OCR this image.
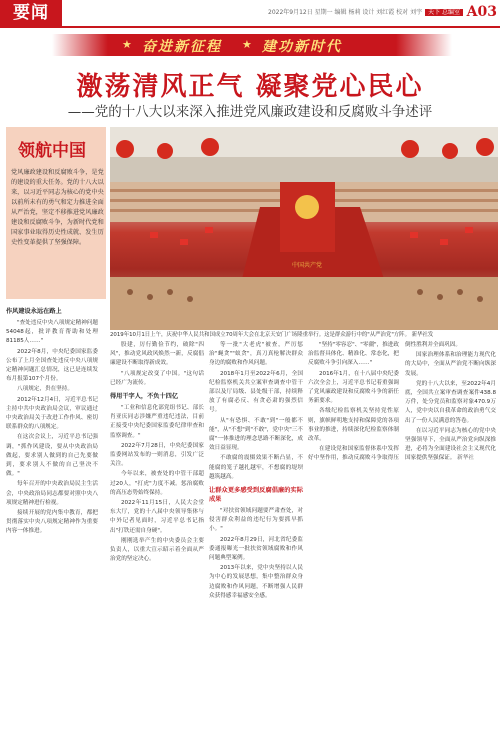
要闻	2022年9月12日 星期一 编辑 杨莉 设计 刘红霞 校对 刘宇 天下 总编室 A03
★ 奋进新征程 ★ 建功新时代
激荡清风正气 凝聚党心民心
——党的十八大以来深入推进党风廉政建设和反腐败斗争述评
领航中国
党风廉政建设和反腐败斗争，是党的建设的重大任务。党的十八大以来，以习近平同志为核心的党中央以前所未有的勇气和定力推进全面从严治党，坚定不移推进党风廉政建设和反腐败斗争，为新时代党和国家事业取得历史性成就、发生历史性变革提供了坚强保障。
中国共产党
2019年10月1日上午，庆祝中华人民共和国成立70周年大会在北京天安门广场隆重举行。这是群众游行中的"从严治党"方阵。 新华社发
作风建设永远在路上

"查处违反中央八项规定精神问题54048起，批评教育帮助和处理81185人……"

2022年8月，中央纪委国家监委公布了上月全国查处违反中央八项规定精神问题汇总情况，这已是连续发布月报第107个月份。

八项规定，贵在坚持。

2012年12月4日，习近平总书记主持中共中央政治局会议，审议通过中央政治局关于改进工作作风、密切联系群众的八项规定。

在这次会议上，习近平总书记强调，"抓作风建设，要从中央政治局做起，要求别人做到的自己先要做到，要求别人不做的自己坚决不做。"

每年召开的中央政治局民主生活会，中央政治局同志都要对照中央八项规定精神进行检视。

接续开展的党内集中教育，都把贯彻落实中央八项规定精神作为重要内容一体推进。

股建，厉行勤俭节约，破除"四风"，推动党风政风焕然一新，反腐倡廉建设不断取得新成效。

"八项规定改变了中国。"这句话已经广为流传。

得用干字人，不负十四亿

"工业和信息化部党组书记、部长肖亚庆同志涉嫌严重违纪违法，目前正接受中央纪委国家监委纪律审查和监察调查。"

2022年7月28日，中央纪委国家监委网站发布的一则消息，引发广泛关注。

今年以来，被查处的中管干部超过20人，"打虎"力度不减。惩治腐败的高压态势始终保持。

2022年11月15日，人民大会堂东大厅，党的十八届中央领导集体与中外记者见面时，习近平总书记指出"打铁还需自身硬"。

刚刚选举产生的中央委员会主要负责人，以重大宣示昭示着全面从严治党的坚定决心。

等一批"大老虎"被查，严厉惩治"蝇贪""蚁贪"，真刀真枪解决群众身边的腐败和作风问题。

2018年1月至2022年6月，全国纪检监察机关共立案审查调查中管干部以及厅局级、县处级干部，持续释放了有腐必反、有贪必肃的强烈信号。

从"有恐惧、不敢"到"一般都不能"，从"不想"到"不敢"，党中央"三不腐"一体推进的理念思路不断深化，成效日益显现。

不敢腐的震慑效果不断凸显，不能腐的笼子越扎越牢，不想腐的堤坝越筑越高。

让群众更多感受到反腐倡廉的实际成果

"对扶贫领域问题要严肃查处，对侵害群众利益的违纪行为要抓早抓小。"

2022年8月29日，河北省纪委监委通报曝光一批扶贫领域腐败和作风问题典型案例。

2013年以来，党中央坚持以人民为中心的发展思想，集中整治群众身边腐败和作风问题，不断增强人民群众获得感幸福感安全感。

"坚持"零容忍"、"零疆"，推进政治监督具体化、精准化、常态化，把反腐败斗争引向深入……"

2016年1月，在十八届中央纪委六次全会上，习近平总书记着重强调了党风廉政建设和反腐败斗争的新任务新要求。

各级纪检监察机关坚持党性原则，旗帜鲜明地支持和保障党的各项事业的推进，持续深化纪检监察体制改革。

在建设党和国家监督体系中发挥好中坚作用，推动反腐败斗争取得压倒性胜利并全面巩固。

国家治理体系和治理能力现代化的大局中，全面从严治党不断向纵深发展。

党的十八大以来，至2022年4月底，全国共立案审查调查案件438.8万件，处分党员和监察对象470.9万人，党中央以自我革命的政治勇气交出了一份人民满意的答卷。

在以习近平同志为核心的党中央坚强领导下，全面从严治党向纵深推进，必将为全面建设社会主义现代化国家提供坚强保证。 新华社
